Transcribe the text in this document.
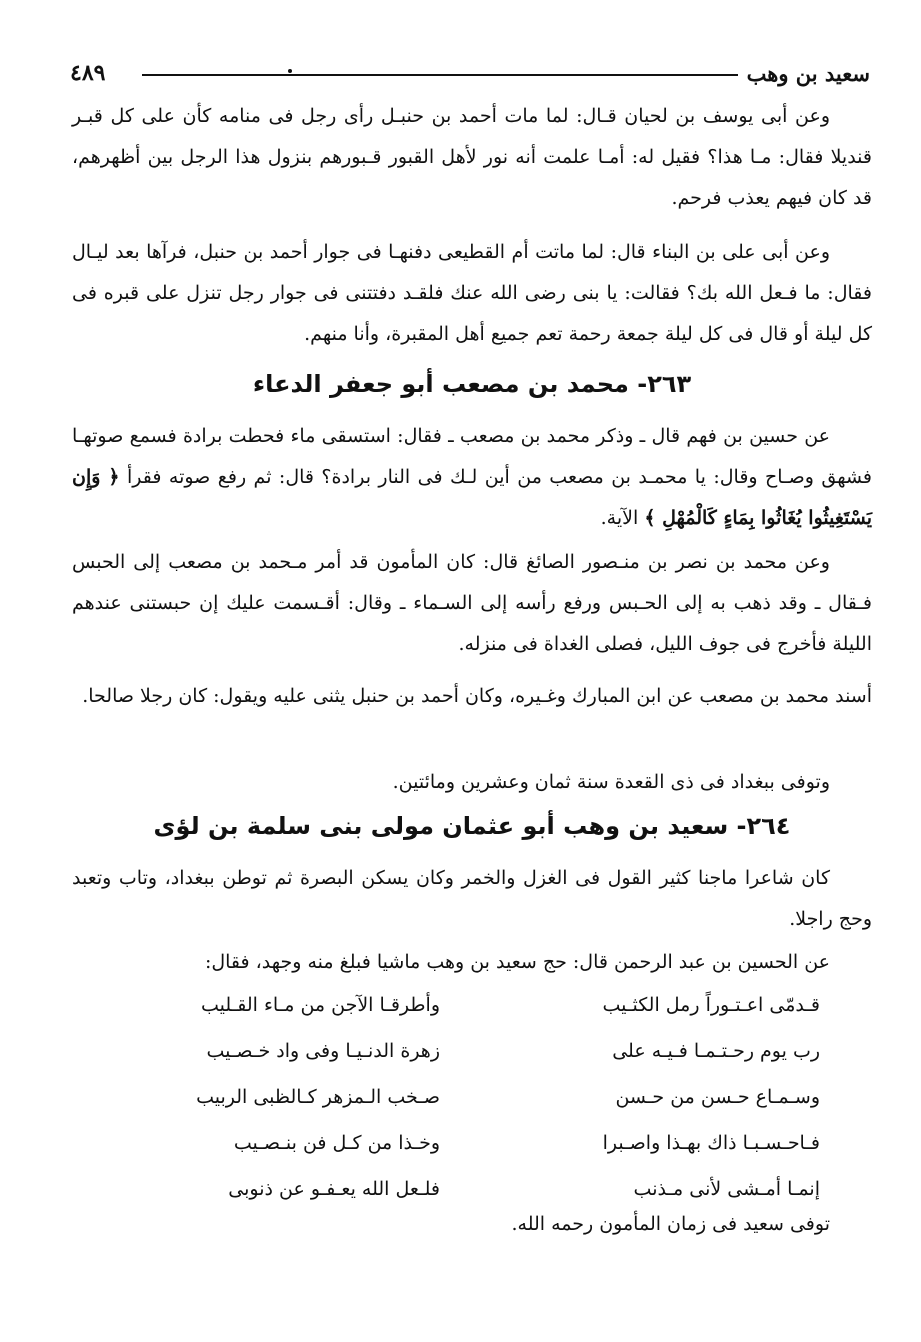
سعيد بن وهب
٤٨٩

وعن أبى يوسف بن لحيان قـال: لما مات أحمد بن حنبـل رأى رجل فى منامه كأن على كل قبـر قنديلا فقال: مـا هذا؟ فقيل له: أمـا علمت أنه نور لأهل القبور قـبورهم بنزول هذا الرجل بين أظهرهم، قد كان فيهم يعذب فرحم.

وعن أبى على بن البناء قال: لما ماتت أم القطيعى دفنهـا فى جوار أحمد بن حنبل، فرآها بعد ليـال فقال: ما فـعل الله بك؟ فقالت: يا بنى رضى الله عنك فلقـد دفتتنى فى جوار رجل تنزل على قبره فى كل ليلة أو قال فى كل ليلة جمعة رحمة تعم جميع أهل المقبرة، وأنا منهم.

٢٦٣- محمد بن مصعب أبو جعفر الدعاء

عن حسين بن فهم قال ـ وذكر محمد بن مصعب ـ فقال: استسقى ماء فحطت برادة فسمع صوتهـا فشهق وصـاح وقال: يا محمـد بن مصعب من أين لـك فى النار برادة؟ قال: ثم رفع صوته فقرأ ﴿ وَإِن يَسْتَغِيثُوا يُغَاثُوا بِمَاءٍ كَالْمُهْلِ ﴾ الآية.

وعن محمد بن نصر بن منـصور الصائغ قال: كان المأمون قد أمر مـحمد بن مصعب إلى الحبس فـقال ـ وقد ذهب به إلى الحـبس ورفع رأسه إلى السـماء ـ وقال: أقـسمت عليك إن حبستنى عندهم الليلة فأخرج فى جوف الليل، فصلى الغداة فى منزله.

أسند محمد بن مصعب عن ابن المبارك وغـيره، وكان أحمد بن حنبل يثنى عليه ويقول: كان رجلا صالحا.

وتوفى ببغداد فى ذى القعدة سنة ثمان وعشرين ومائتين.

٢٦٤- سعيد بن وهب أبو عثمان مولى بنى سلمة بن لؤى

كان شاعرا ماجنا كثير القول فى الغزل والخمر وكان يسكن البصرة ثم توطن ببغداد، وتاب وتعبد وحج راجلا.

عن الحسين بن عبد الرحمن قال: حج سعيد بن وهب ماشيا فبلغ منه وجهد، فقال:

قـدمّى اعـتـوراً رمل الكثـيب
وأطرقـا الآجن من مـاء القـليب
رب يوم رحـتـمـا فـيـه على
زهرة الدنـيـا وفى واد خـصـيب
وسـمـاع حـسن من حـسن
صـخب الـمزهر كـالظبى الربيب
فـاحـسـبـا ذاك بهـذا واصـبرا
وخـذا من كـل فن بنـصـيب
إنمـا أمـشى لأنى مـذنب
فلـعل الله يعـفـو عن ذنوبى

توفى سعيد فى زمان المأمون رحمه الله.
